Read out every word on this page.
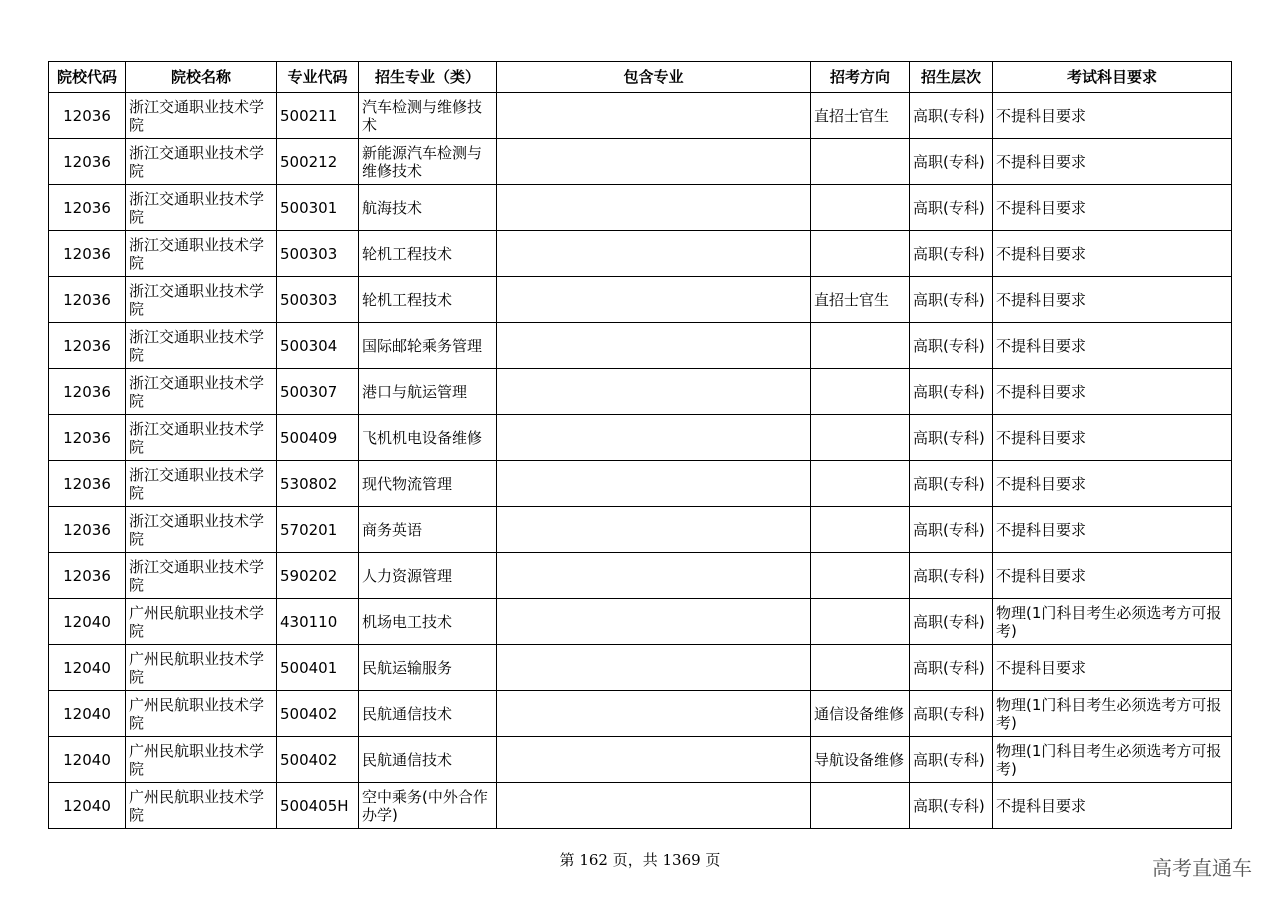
院校代码	院校名称	专业代码	招生专业（类）	包含专业	招考方向	招生层次	考试科目要求
12036	浙江交通职业技术学院	500211	汽车检测与维修技术		直招士官生	高职(专科)	不提科目要求
12036	浙江交通职业技术学院	500212	新能源汽车检测与维修技术			高职(专科)	不提科目要求
12036	浙江交通职业技术学院	500301	航海技术			高职(专科)	不提科目要求
12036	浙江交通职业技术学院	500303	轮机工程技术			高职(专科)	不提科目要求
12036	浙江交通职业技术学院	500303	轮机工程技术		直招士官生	高职(专科)	不提科目要求
12036	浙江交通职业技术学院	500304	国际邮轮乘务管理			高职(专科)	不提科目要求
12036	浙江交通职业技术学院	500307	港口与航运管理			高职(专科)	不提科目要求
12036	浙江交通职业技术学院	500409	飞机机电设备维修			高职(专科)	不提科目要求
12036	浙江交通职业技术学院	530802	现代物流管理			高职(专科)	不提科目要求
12036	浙江交通职业技术学院	570201	商务英语			高职(专科)	不提科目要求
12036	浙江交通职业技术学院	590202	人力资源管理			高职(专科)	不提科目要求
12040	广州民航职业技术学院	430110	机场电工技术			高职(专科)	物理(1门科目考生必须选考方可报考)
12040	广州民航职业技术学院	500401	民航运输服务			高职(专科)	不提科目要求
12040	广州民航职业技术学院	500402	民航通信技术		通信设备维修	高职(专科)	物理(1门科目考生必须选考方可报考)
12040	广州民航职业技术学院	500402	民航通信技术		导航设备维修	高职(专科)	物理(1门科目考生必须选考方可报考)
12040	广州民航职业技术学院	500405H	空中乘务(中外合作办学)			高职(专科)	不提科目要求
第 162 页，共 1369 页	高考直通车
